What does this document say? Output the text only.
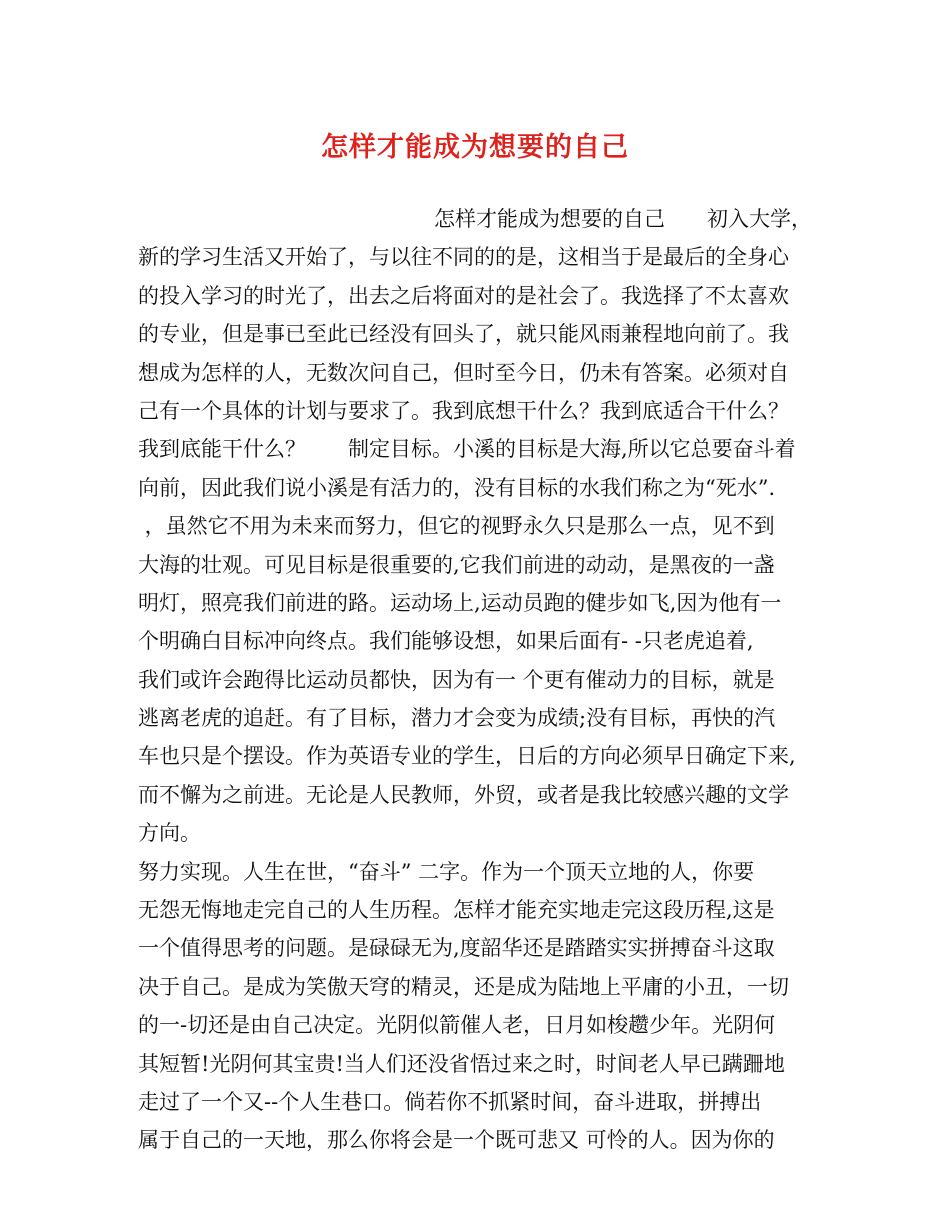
怎样才能成为想要的自己
怎样才能成为想要的自己　　初入大学，
新的学习生活又开始了，与以往不同的的是，这相当于是最后的全身心
的投入学习的时光了，出去之后将面对的是社会了。我选择了不太喜欢
的专业，但是事已至此已经没有回头了，就只能风雨兼程地向前了。我
想成为怎样的人，无数次问自己，但时至今日，仍未有答案。必须对自
己有一个具体的计划与要求了。我到底想干什么？我到底适合干什么？
我到底能干什么？　　制定目标。小溪的目标是大海,所以它总要奋斗着
向前，因此我们说小溪是有活力的，没有目标的水我们称之为“死水”.
，虽然它不用为未来而努力，但它的视野永久只是那么一点，见不到
大海的壮观。可见目标是很重要的,它我们前进的动动，是黑夜的一盏
明灯，照亮我们前进的路。运动场上,运动员跑的健步如飞,因为他有一
个明确白目标冲向终点。我们能够设想，如果后面有- -只老虎追着,
我们或许会跑得比运动员都快，因为有一 个更有催动力的目标，就是
逃离老虎的追赶。有了目标，潜力才会变为成绩;没有目标，再快的汽
车也只是个摆设。作为英语专业的学生，日后的方向必须早日确定下来,
而不懈为之前进。无论是人民教师，外贸，或者是我比较感兴趣的文学
方向。
努力实现。人生在世，“奋斗” 二字。作为一个顶天立地的人，你要
无怨无悔地走完自己的人生历程。怎样才能充实地走完这段历程,这是
一个值得思考的问题。是碌碌无为,度韶华还是踏踏实实拼搏奋斗这取
决于自己。是成为笑傲天穹的精灵，还是成为陆地上平庸的小丑，一切
的一-切还是由自己决定。光阴似箭催人老，日月如梭趱少年。光阴何
其短暂!光阴何其宝贵!当人们还没省悟过来之时，时间老人早已蹒跚地
走过了一个又--个人生巷口。倘若你不抓紧时间，奋斗进取，拼搏出
属于自己的一天地，那么你将会是一个既可悲又 可怜的人。因为你的
